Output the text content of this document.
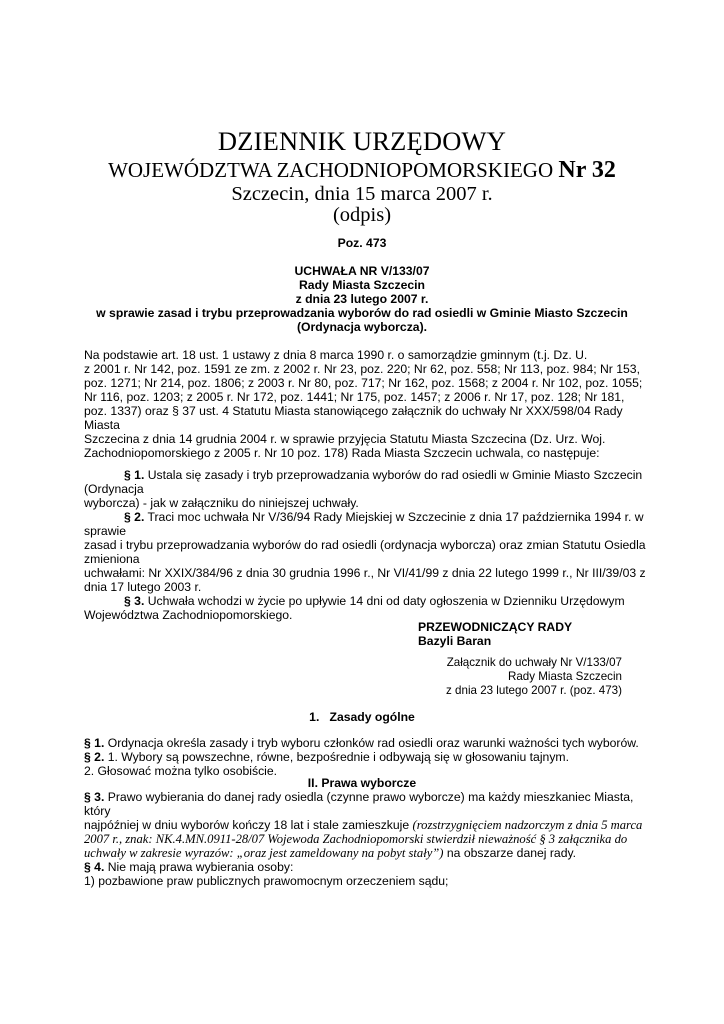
DZIENNIK URZĘDOWY
WOJEWÓDZTWA ZACHODNIOPOMORSKIEGO Nr 32
Szczecin, dnia 15 marca 2007 r.
(odpis)
Poz. 473
UCHWAŁA NR V/133/07
Rady Miasta Szczecin
z dnia 23 lutego 2007 r.
w sprawie zasad i trybu przeprowadzania wyborów do rad osiedli w Gminie Miasto Szczecin
(Ordynacja wyborcza).
Na podstawie art. 18 ust. 1 ustawy z dnia 8 marca 1990 r. o samorządzie gminnym (t.j. Dz. U.
z 2001 r. Nr 142, poz. 1591 ze zm. z 2002 r. Nr 23, poz. 220; Nr 62, poz. 558; Nr 113, poz. 984; Nr 153,
poz. 1271; Nr 214, poz. 1806; z 2003 r. Nr 80, poz. 717; Nr 162, poz. 1568; z 2004 r. Nr 102, poz. 1055;
Nr 116, poz. 1203; z 2005 r. Nr 172, poz. 1441; Nr 175, poz. 1457; z 2006 r. Nr 17, poz. 128; Nr 181,
poz. 1337) oraz § 37 ust. 4 Statutu Miasta stanowiącego załącznik do uchwały Nr XXX/598/04 Rady
Miasta
Szczecina z dnia 14 grudnia 2004 r. w sprawie przyjęcia Statutu Miasta Szczecina (Dz. Urz. Woj.
Zachodniopomorskiego z 2005 r. Nr 10 poz. 178) Rada Miasta Szczecin uchwala, co następuje:
§ 1. Ustala się zasady i tryb przeprowadzania wyborów do rad osiedli w Gminie Miasto Szczecin
(Ordynacja
wyborcza) - jak w załączniku do niniejszej uchwały.
§ 2. Traci moc uchwała Nr V/36/94 Rady Miejskiej w Szczecinie z dnia 17 października 1994 r. w
sprawie
zasad i trybu przeprowadzania wyborów do rad osiedli (ordynacja wyborcza) oraz zmian Statutu Osiedla
zmieniona
uchwałami: Nr XXIX/384/96 z dnia 30 grudnia 1996 r., Nr VI/41/99 z dnia 22 lutego 1999 r., Nr III/39/03 z
dnia 17 lutego 2003 r.
§ 3. Uchwała wchodzi w życie po upływie 14 dni od daty ogłoszenia w Dzienniku Urzędowym
Województwa Zachodniopomorskiego.
PRZEWODNICZĄCY RADY
Bazyli Baran
Załącznik do uchwały Nr V/133/07
Rady Miasta Szczecin
z dnia 23 lutego 2007 r. (poz. 473)
1.   Zasady ogólne
§ 1. Ordynacja określa zasady i tryb wyboru członków rad osiedli oraz warunki ważności tych wyborów.
§ 2. 1. Wybory są powszechne, równe, bezpośrednie i odbywają się w głosowaniu tajnym.
2. Głosować można tylko osobiście.
II. Prawa wyborcze
§ 3. Prawo wybierania do danej rady osiedla (czynne prawo wyborcze) ma każdy mieszkaniec Miasta,
który
najpóźniej w dniu wyborów kończy 18 lat i stale zamieszkuje (rozstrzygnięciem nadzorczym z dnia 5 marca
2007 r., znak: NK.4.MN.0911-28/07 Wojewoda Zachodniopomorski stwierdził nieważność § 3 załącznika do
uchwały w zakresie wyrazów: „oraz jest zameldowany na pobyt stały”) na obszarze danej rady.
§ 4. Nie mają prawa wybierania osoby:
1) pozbawione praw publicznych prawomocnym orzeczeniem sądu;
